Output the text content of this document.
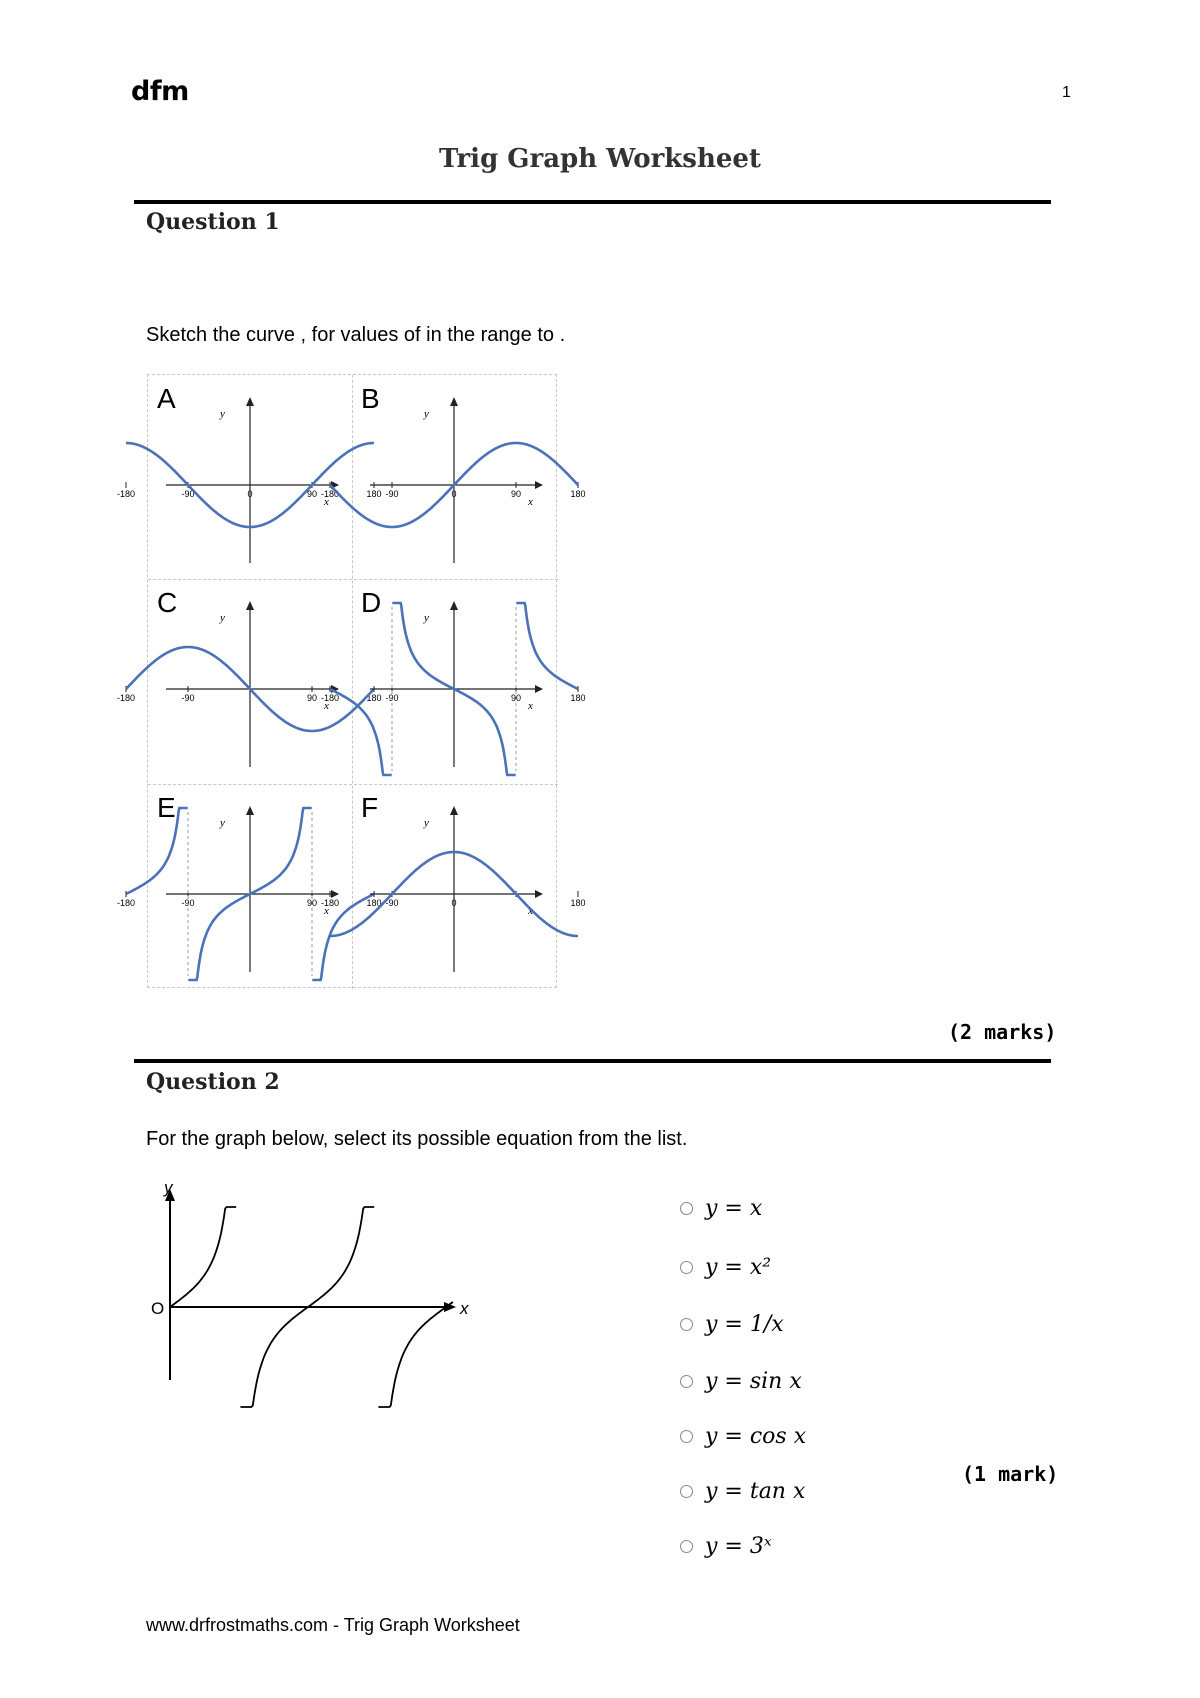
dfm	1
Trig Graph Worksheet
Question 1
Sketch the curve , for values of in the range to .
A	y
x
-180	-90	0	90	180
B	y
x
-180	-90	0	90	180
C	y
x
-180	-90	90	180
D	y
x
-180	-90	90	180
E	y
x
-180	-90	90	180
F	y
x
-180	-90	0	180
(2 marks)
Question 2
For the graph below, select its possible equation from the list.
y
x
O
y = x
y = x²
y = 1/x
y = sin x
y = cos x
y = tan x
y = 3ˣ
(1 mark)
www.drfrostmaths.com - Trig Graph Worksheet
